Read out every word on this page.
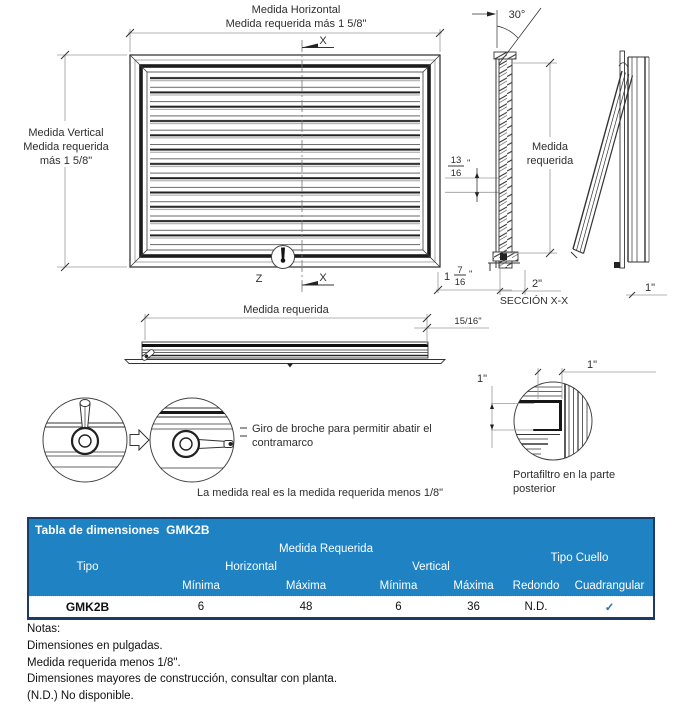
Medida Horizontal
Medida requerida más 1 5/8"
Medida Vertical
Medida requerida
más 1 5/8"
X
X
Z
13
16
"
1
7
16
"
30°
Medida
requerida
2"
SECCIÓN X-X
1"
Medida requerida
15/16"
Giro de broche para permitir abatir el
contramarco
La medida real es la medida requerida menos 1/8"
1"
1"
Portafiltro en la parte
posterior
Tabla de dimensiones  GMK2B						
	Medida Requerida				Tipo Cuello	
Tipo	Horizontal		Vertical			
	Mínima	Máxima	Mínima	Máxima	Redondo	Cuadrangular
GMK2B	6	48	6	36	N.D.	✓
Notas:
Dimensiones en pulgadas.
Medida requerida menos 1/8".
Dimensiones mayores de construcción, consultar con planta.
(N.D.) No disponible.
